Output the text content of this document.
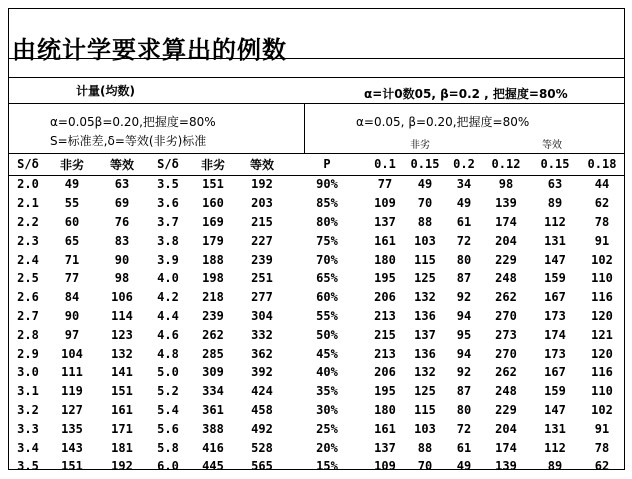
由统计学要求算出的例数
计量(均数)	α=计0数05, β=0.2 , 把握度=80%
α=0.05β=0.20,把握度=80%
S=标准差,δ=等效(非劣)标准
α=0.05, β=0.20,把握度=80%
非劣	等效
S/δ	非劣	等效	S/δ	非劣	等效	P	0.1	0.15	0.2	0.12	0.15	0.18
2.0	49	63	3.5	151	192	90%	77	49	34	98	63	44
2.1	55	69	3.6	160	203	85%	109	70	49	139	89	62
2.2	60	76	3.7	169	215	80%	137	88	61	174	112	78
2.3	65	83	3.8	179	227	75%	161	103	72	204	131	91
2.4	71	90	3.9	188	239	70%	180	115	80	229	147	102
2.5	77	98	4.0	198	251	65%	195	125	87	248	159	110
2.6	84	106	4.2	218	277	60%	206	132	92	262	167	116
2.7	90	114	4.4	239	304	55%	213	136	94	270	173	120
2.8	97	123	4.6	262	332	50%	215	137	95	273	174	121
2.9	104	132	4.8	285	362	45%	213	136	94	270	173	120
3.0	111	141	5.0	309	392	40%	206	132	92	262	167	116
3.1	119	151	5.2	334	424	35%	195	125	87	248	159	110
3.2	127	161	5.4	361	458	30%	180	115	80	229	147	102
3.3	135	171	5.6	388	492	25%	161	103	72	204	131	91
3.4	143	181	5.8	416	528	20%	137	88	61	174	112	78
3.5	151	192	6.0	445	565	15%	109	70	49	139	89	62
